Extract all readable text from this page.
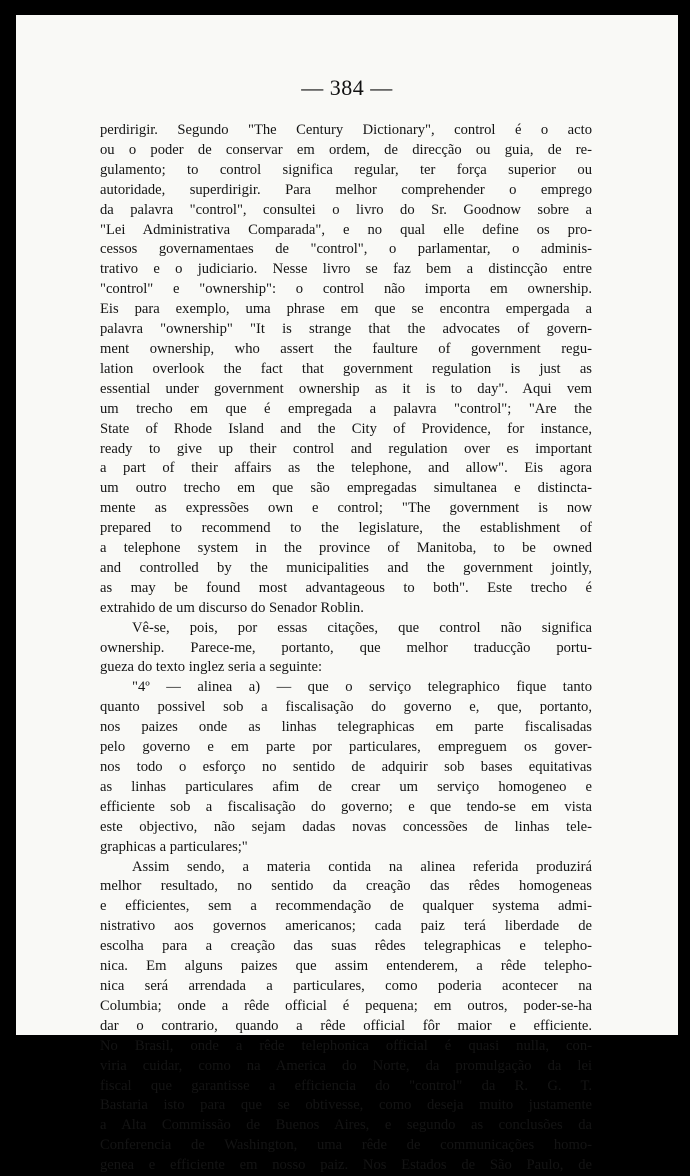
— 384 —

perdirigir. Segundo "The Century Dictionary", control é o acto
ou o poder de conservar em ordem, de direcção ou guia, de re-
gulamento; to control significa regular, ter força superior ou
autoridade, superdirigir. Para melhor comprehender o emprego
da palavra "control", consultei o livro do Sr. Goodnow sobre a
"Lei Administrativa Comparada", e no qual elle define os pro-
cessos governamentaes de "control", o parlamentar, o adminis-
trativo e o judiciario. Nesse livro se faz bem a distincção entre
"control" e "ownership": o control não importa em ownership.
Eis para exemplo, uma phrase em que se encontra empergada a
palavra "ownership" "It is strange that the advocates of govern-
ment ownership, who assert the faulture of government regu-
lation overlook the fact that government regulation is just as
essential under government ownership as it is to day". Aqui vem
um trecho em que é empregada a palavra "control"; "Are the
State of Rhode Island and the City of Providence, for instance,
ready to give up their control and regulation over es important
a part of their affairs as the telephone, and allow". Eis agora
um outro trecho em que são empregadas simultanea e distincta-
mente as expressões own e control; "The government is now
prepared to recommend to the legislature, the establishment of
a telephone system in the province of Manitoba, to be owned
and controlled by the municipalities and the government jointly,
as may be found most advantageous to both". Este trecho é
extrahido de um discurso do Senador Roblin.

Vê-se, pois, por essas citações, que control não significa
ownership. Parece-me, portanto, que melhor traducção portu-
gueza do texto inglez seria a seguinte:

"4º — alinea a) — que o serviço telegraphico fique tanto
quanto possivel sob a fiscalisação do governo e, que, portanto,
nos paizes onde as linhas telegraphicas em parte fiscalisadas
pelo governo e em parte por particulares, empreguem os gover-
nos todo o esforço no sentido de adquirir sob bases equitativas
as linhas particulares afim de crear um serviço homogeneo e
efficiente sob a fiscalisação do governo; e que tendo-se em vista
este objectivo, não sejam dadas novas concessões de linhas tele-
graphicas a particulares;"

Assim sendo, a materia contida na alinea referida produzirá
melhor resultado, no sentido da creação das rêdes homogeneas
e efficientes, sem a recommendação de qualquer systema admi-
nistrativo aos governos americanos; cada paiz terá liberdade de
escolha para a creação das suas rêdes telegraphicas e telepho-
nica. Em alguns paizes que assim entenderem, a rêde telepho-
nica será arrendada a particulares, como poderia acontecer na
Columbia; onde a rêde official é pequena; em outros, poder-se-ha
dar o contrario, quando a rêde official fôr maior e efficiente.
No Brasil, onde a rêde telephonica official é quasi nulla, con-
viria cuidar, como na America do Norte, da promulgação da lei
fiscal que garantisse a efficiencia do "control" da R. G. T.
Bastaria isto para que se obtivesse, como deseja muito justamente
a Alta Commissão de Buenos Aires, e segundo as conclusões da
Conferencia de Washington, uma rêde de communicações homo-
genea e efficiente em nosso paiz. Nos Estados de São Paulo, de
